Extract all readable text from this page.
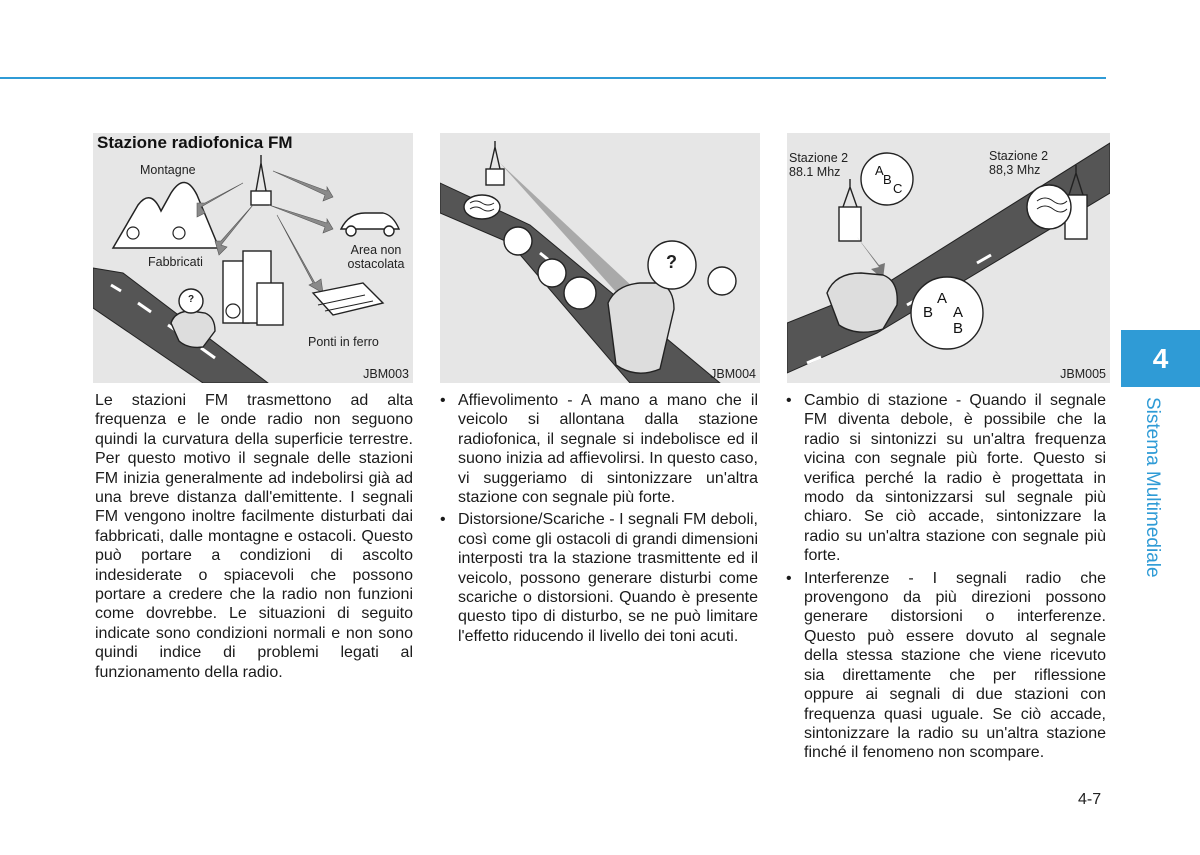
4
Sistema Multimediale
Stazione radiofonica FM
Montagne
Fabbricati
Area non ostacolata
Ponti in ferro
?
JBM003
?
JBM004
A
B
C
A
B A
B
Stazione 2 88.1 Mhz
Stazione 2 88,3 Mhz
JBM005
Le stazioni FM trasmettono ad alta frequenza e le onde radio non seguono quindi la curvatura della superficie terrestre. Per questo motivo il segnale delle stazioni FM inizia generalmente ad indebolirsi già ad una breve distanza dall'emittente. I segnali FM vengono inoltre facilmente disturbati dai fabbricati, dalle montagne e ostacoli. Questo può portare a condizioni di ascolto indesiderate o spiacevoli che possono portare a credere che la radio non funzioni come dovrebbe. Le situazioni di seguito indicate sono condizioni normali e non sono quindi indice di problemi legati al funzionamento della radio.
• Affievolimento - A mano a mano che il veicolo si allontana dalla stazione radiofonica, il segnale si indebolisce ed il suono inizia ad affievolirsi. In questo caso, vi suggeriamo di sintonizzare un'altra stazione con segnale più forte.
• Distorsione/Scariche - I segnali FM deboli, così come gli ostacoli di grandi dimensioni interposti tra la stazione trasmittente ed il veicolo, possono generare disturbi come scariche o distorsioni. Quando è presente questo tipo di disturbo, se ne può limitare l'effetto riducendo il livello dei toni acuti.
• Cambio di stazione - Quando il segnale FM diventa debole, è possibile che la radio si sintonizzi su un'altra frequenza vicina con segnale più forte. Questo si verifica perché la radio è progettata in modo da sintonizzarsi sul segnale più chiaro. Se ciò accade, sintonizzare la radio su un'altra stazione con segnale più forte.
• Interferenze - I segnali radio che provengono da più direzioni possono generare distorsioni o interferenze. Questo può essere dovuto al segnale della stessa stazione che viene ricevuto sia direttamente che per riflessione oppure ai segnali di due stazioni con frequenza quasi uguale. Se ciò accade, sintonizzare la radio su un'altra stazione finché il fenomeno non scompare.
4-7
